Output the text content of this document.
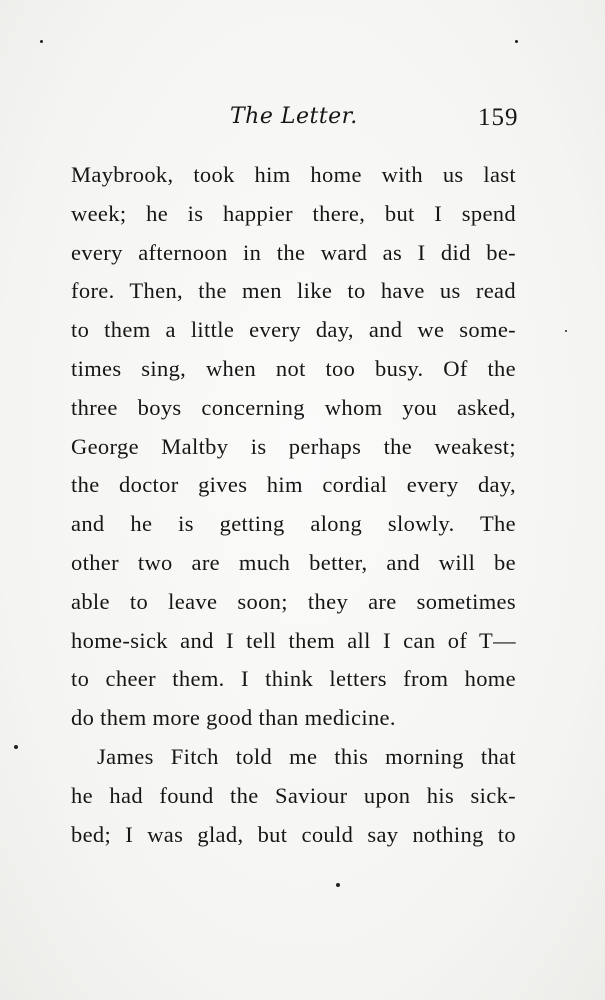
The Letter.	159
Maybrook, took him home with us last
week; he is happier there, but I spend
every afternoon in the ward as I did be-
fore. Then, the men like to have us read
to them a little every day, and we some-
times sing, when not too busy. Of the
three boys concerning whom you asked,
George Maltby is perhaps the weakest;
the doctor gives him cordial every day,
and he is getting along slowly. The
other two are much better, and will be
able to leave soon; they are sometimes
home-sick and I tell them all I can of T—
to cheer them. I think letters from home
do them more good than medicine.
James Fitch told me this morning that
he had found the Saviour upon his sick-
bed; I was glad, but could say nothing to
